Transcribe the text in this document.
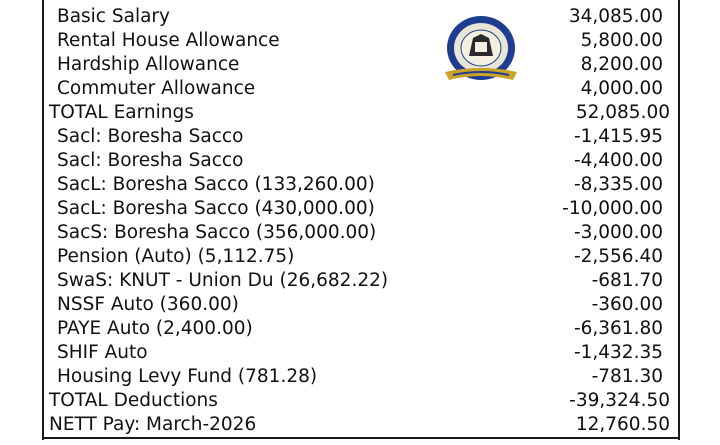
Basic Salary	34,085.00
Rental House Allowance	5,800.00
Hardship Allowance	8,200.00
Commuter Allowance	4,000.00
TOTAL Earnings	52,085.00
Sacl: Boresha Sacco	-1,415.95
Sacl: Boresha Sacco	-4,400.00
SacL: Boresha Sacco (133,260.00)	-8,335.00
SacL: Boresha Sacco (430,000.00)	-10,000.00
SacS: Boresha Sacco (356,000.00)	-3,000.00
Pension (Auto) (5,112.75)	-2,556.40
SwaS: KNUT - Union Du (26,682.22)	-681.70
NSSF Auto (360.00)	-360.00
PAYE Auto (2,400.00)	-6,361.80
SHIF Auto	-1,432.35
Housing Levy Fund (781.28)	-781.30
TOTAL Deductions	-39,324.50
NETT Pay: March-2026	12,760.50
